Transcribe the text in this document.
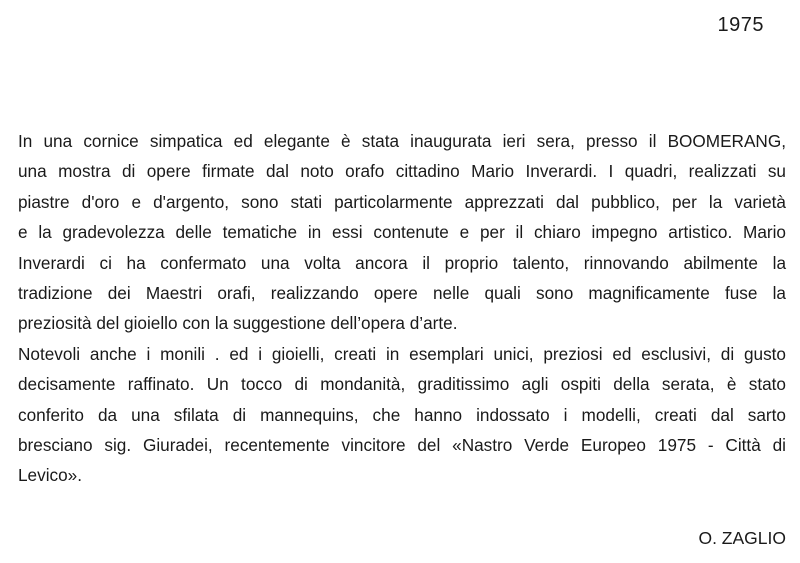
1975
In una cornice simpatica ed elegante è stata inaugurata ieri sera, presso il BOOMERANG,
una mostra di opere firmate dal noto orafo cittadino Mario Inverardi. I quadri, realizzati su
piastre d'oro e d'argento, sono stati particolarmente apprezzati dal pubblico, per la varietà
e la gradevolezza delle tematiche in essi contenute e per il chiaro impegno artistico. Mario
Inverardi ci ha confermato una volta ancora il proprio talento, rinnovando abilmente la
tradizione dei Maestri orafi, realizzando opere nelle quali sono magnificamente fuse la
preziosità del gioiello con la suggestione dell’opera d’arte.
Notevoli anche i monili . ed i gioielli, creati in esemplari unici, preziosi ed esclusivi, di gusto
decisamente raffinato. Un tocco di mondanità, graditissimo agli ospiti della serata, è stato
conferito da una sfilata di mannequins, che hanno indossato i modelli, creati dal sarto
bresciano sig. Giuradei, recentemente vincitore del «Nastro Verde Europeo 1975 - Città di
Levico».
O. ZAGLIO
